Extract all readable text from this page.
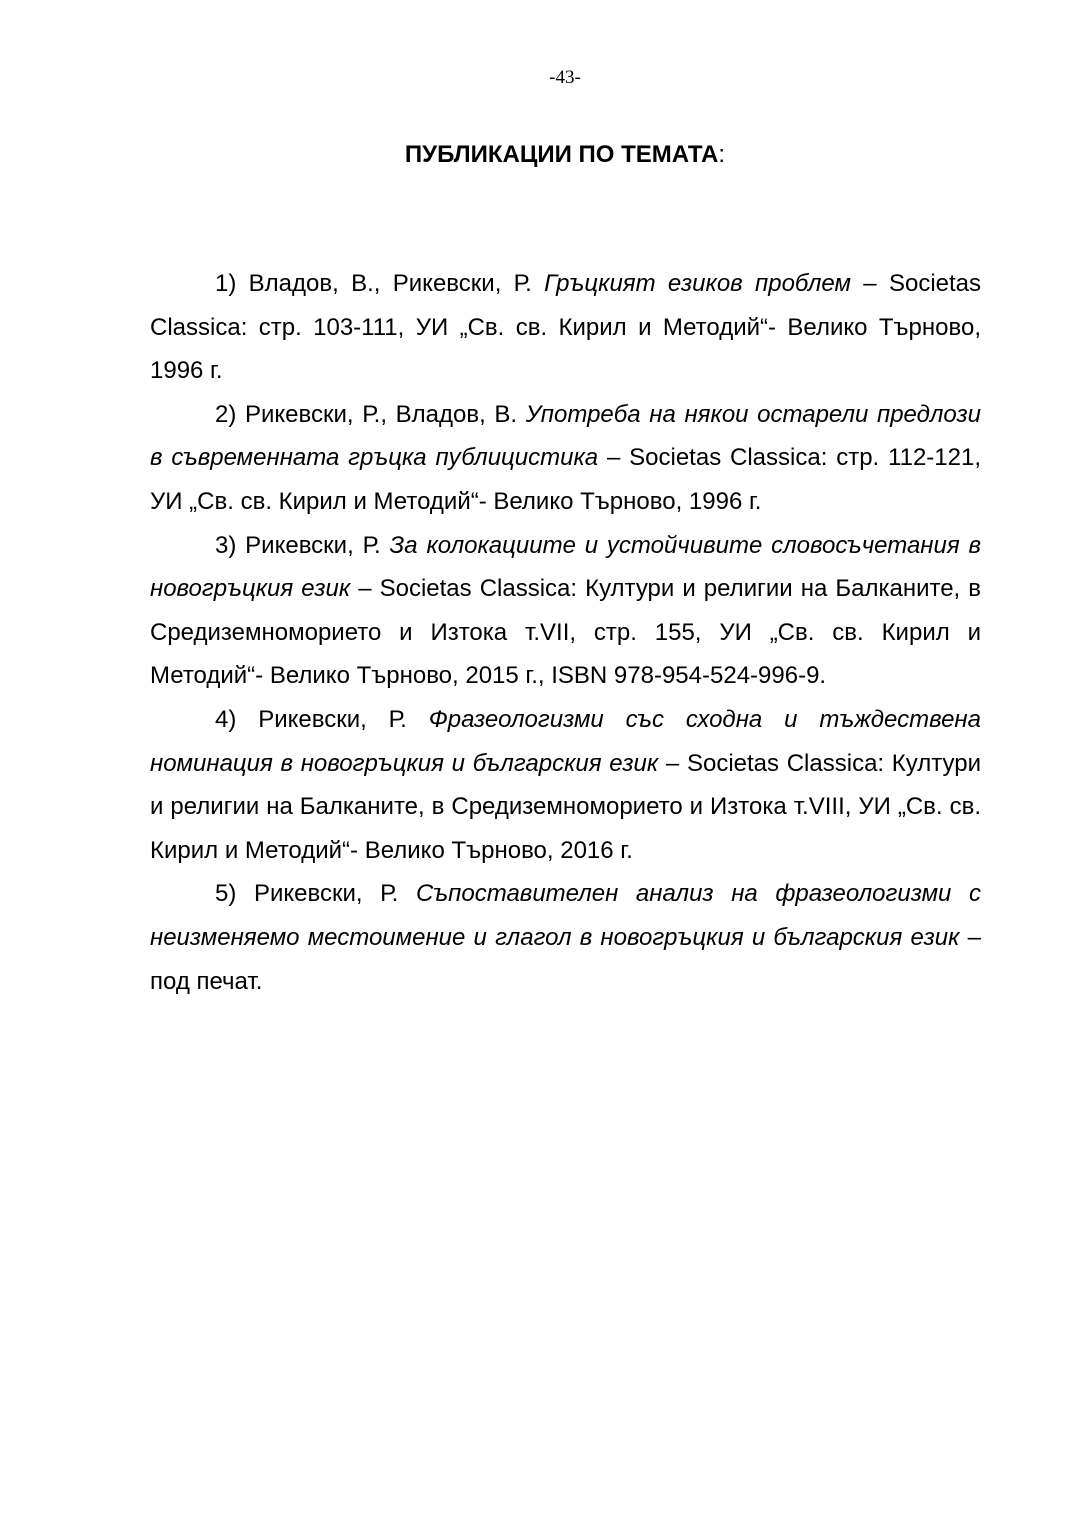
-43-
ПУБЛИКАЦИИ ПО ТЕМАТА:

1) Владов, В., Рикевски, Р. Гръцкият езиков проблем – Societas Classica: стр. 103-111, УИ „Св. св. Кирил и Методий“- Велико Търново, 1996 г.

2) Рикевски, Р., Владов, В. Употреба на някои остарели предлози в съвременната гръцка публицистика – Societas Classica: стр. 112-121, УИ „Св. св. Кирил и Методий“- Велико Търново, 1996 г.

3) Рикевски, Р. За колокациите и устойчивите словосъчетания в новогръцкия език – Societas Classica: Култури и религии на Балканите, в Средиземноморието и Изтока т.VII, стр. 155, УИ „Св. св. Кирил и Методий“- Велико Търново, 2015 г., ISBN 978-954-524-996-9.

4) Рикевски, Р. Фразеологизми със сходна и тъждествена номинация в новогръцкия и българския език – Societas Classica: Култури и религии на Балканите, в Средиземноморието и Изтока т.VIII, УИ „Св. св. Кирил и Методий“- Велико Търново, 2016 г.

5) Рикевски, Р. Съпоставителен анализ на фразеологизми с неизменяемо местоимение и глагол в новогръцкия и българския език – под печат.
